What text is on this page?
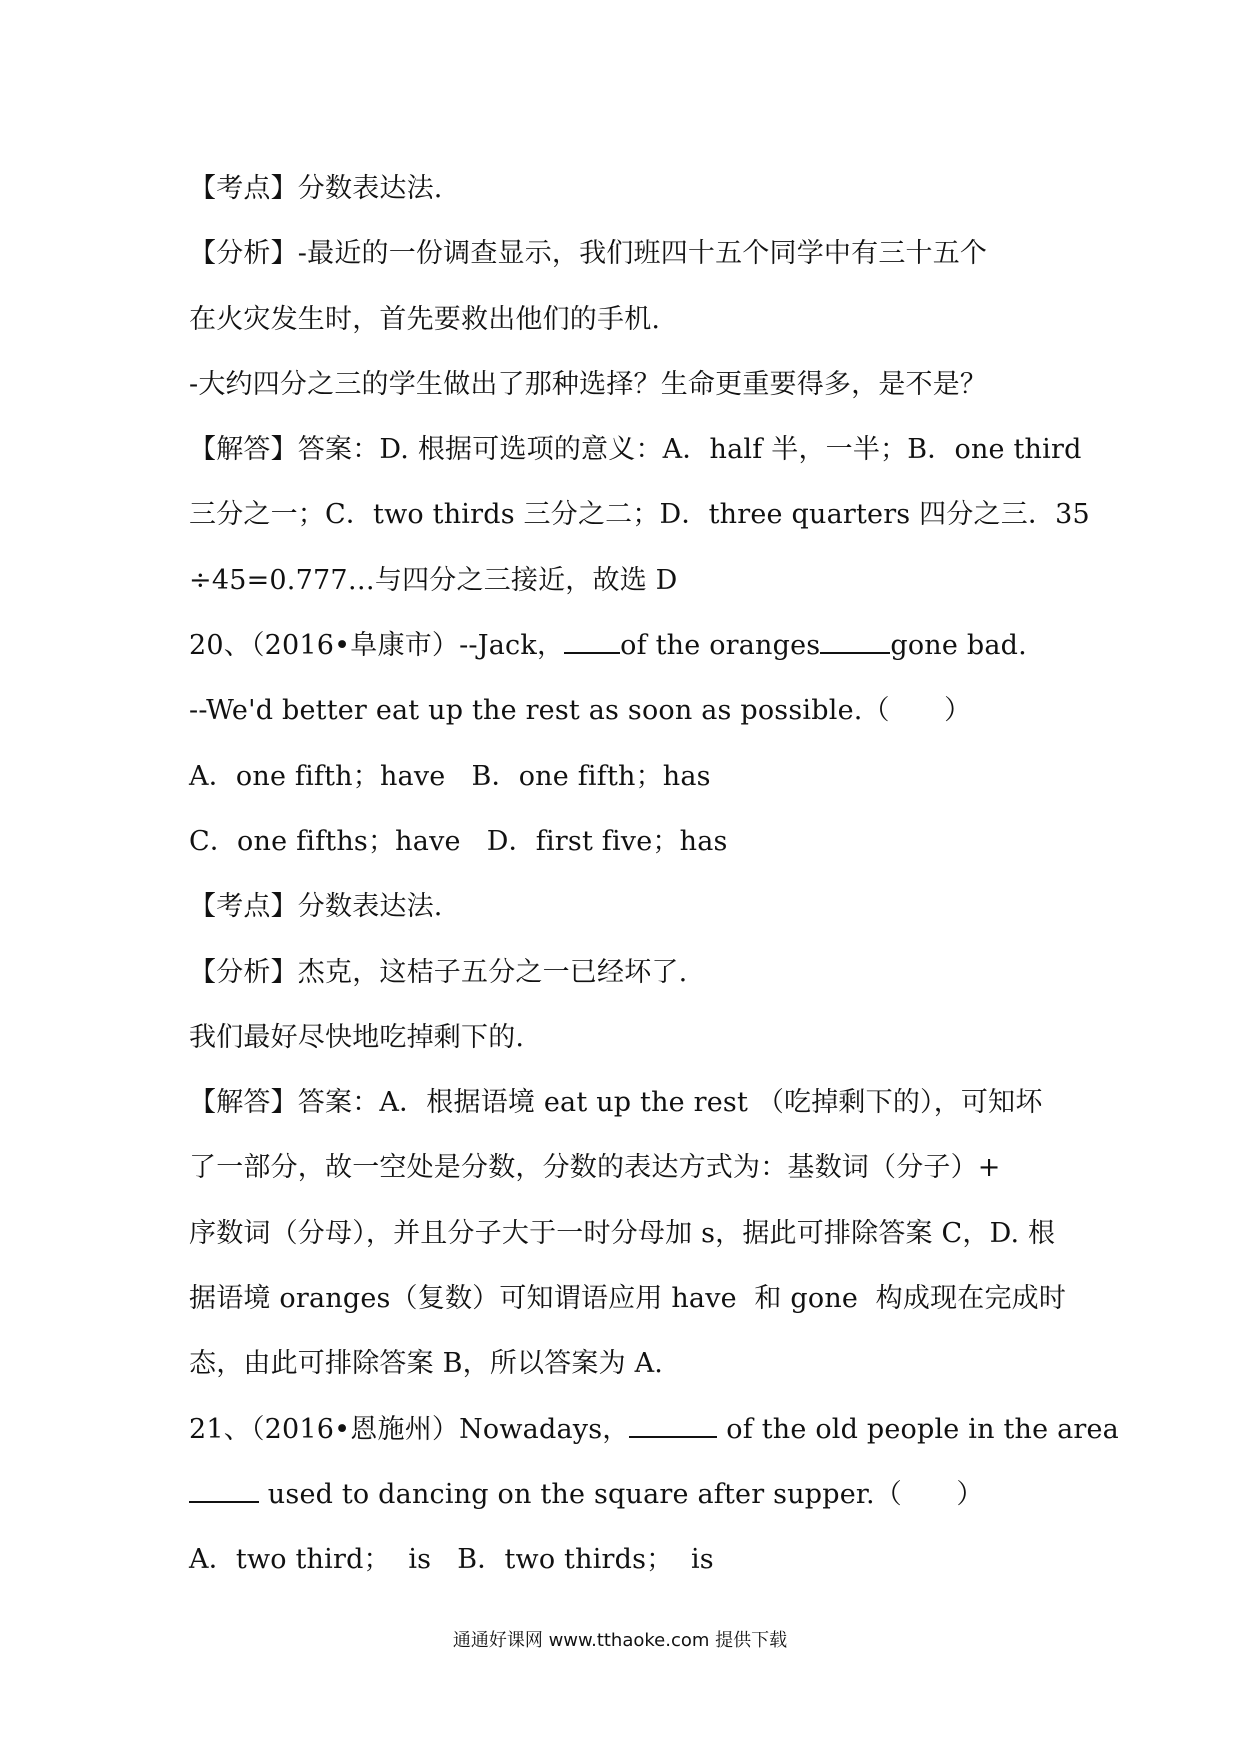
【考点】分数表达法.
【分析】-最近的一份调查显示，我们班四十五个同学中有三十五个
在火灾发生时，首先要救出他们的手机.
-大约四分之三的学生做出了那种选择？生命更重要得多，是不是？
【解答】答案：D. 根据可选项的意义：A．half 半，一半；B．one third
三分之一；C．two thirds 三分之二；D．three quarters 四分之三．35
÷45=0.777…与四分之三接近，故选 D
20、（2016•阜康市）--Jack， of the oranges	gone bad.
--We'd better eat up the rest as soon as possible.（　　）
A．one fifth；have B．one fifth；has
C．one fifths；have D．first five；has
【考点】分数表达法.
【分析】杰克，这桔子五分之一已经坏了.
我们最好尽快地吃掉剩下的.
【解答】答案：A．根据语境 eat up the rest （吃掉剩下的），可知坏
了一部分，故一空处是分数，分数的表达方式为：基数词（分子）+
序数词（分母），并且分子大于一时分母加 s，据此可排除答案 C，D. 根
据语境 oranges（复数）可知谓语应用 have  和 gone  构成现在完成时
态，由此可排除答案 B，所以答案为 A.
21、（2016•恩施州）Nowadays，	of the old people in the area
used to dancing on the square after supper.（　　）
A．two third；  is B．two thirds；  is
通通好课网 www.tthaoke.com 提供下载
